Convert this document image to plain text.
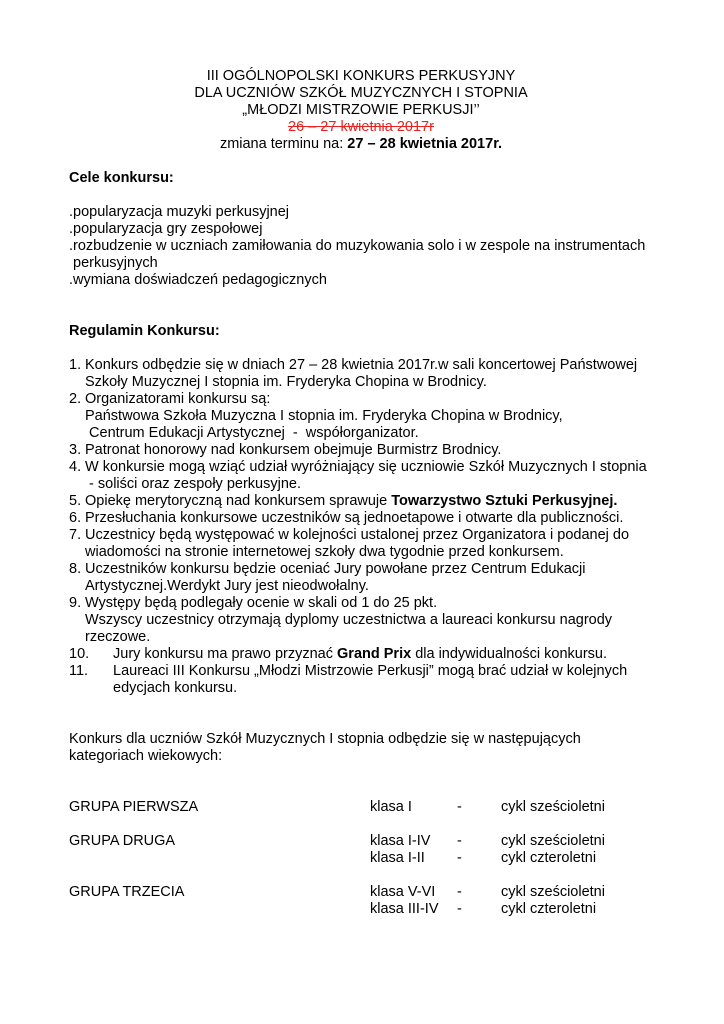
III OGÓLNOPOLSKI KONKURS PERKUSYJNY
DLA UCZNIÓW SZKÓŁ MUZYCZNYCH I STOPNIA
„MŁODZI MISTRZOWIE PERKUSJI’’
26 – 27 kwietnia 2017r
zmiana terminu na: 27 – 28 kwietnia 2017r.
Cele konkursu:
.popularyzacja muzyki perkusyjnej
.popularyzacja gry zespołowej
.rozbudzenie w uczniach zamiłowania do muzykowania solo i w zespole na instrumentach
perkusyjnych
.wymiana doświadczeń pedagogicznych
Regulamin Konkursu:
1. Konkurs odbędzie się w dniach 27 – 28 kwietnia 2017r.w sali koncertowej Państwowej
Szkoły Muzycznej I stopnia im. Fryderyka Chopina w Brodnicy.
2. Organizatorami konkursu są:
Państwowa Szkoła Muzyczna I stopnia im. Fryderyka Chopina w Brodnicy,
Centrum Edukacji Artystycznej  -  współorganizator.
3. Patronat honorowy nad konkursem obejmuje Burmistrz Brodnicy.
4. W konkursie mogą wziąć udział wyróżniający się uczniowie Szkół Muzycznych I stopnia
- soliści oraz zespoły perkusyjne.
5. Opiekę merytoryczną nad konkursem sprawuje Towarzystwo Sztuki Perkusyjnej.
6. Przesłuchania konkursowe uczestników są jednoetapowe i otwarte dla publiczności.
7. Uczestnicy będą występować w kolejności ustalonej przez Organizatora i podanej do
wiadomości na stronie internetowej szkoły dwa tygodnie przed konkursem.
8. Uczestników konkursu będzie oceniać Jury powołane przez Centrum Edukacji
Artystycznej.Werdykt Jury jest nieodwołalny.
9. Występy będą podlegały ocenie w skali od 1 do 25 pkt.
Wszyscy uczestnicy otrzymają dyplomy uczestnictwa a laureaci konkursu nagrody
rzeczowe.
10. Jury konkursu ma prawo przyznać Grand Prix dla indywidualności konkursu.
11. Laureaci III Konkursu „Młodzi Mistrzowie Perkusji” mogą brać udział w kolejnych
edycjach konkursu.
Konkurs dla uczniów Szkół Muzycznych I stopnia odbędzie się w następujących
kategoriach wiekowych:
GRUPA PIERWSZA	klasa I	-	cykl sześcioletni
GRUPA DRUGA	klasa I-IV -	cykl sześcioletni
klasa I-II -	cykl czteroletni
GRUPA TRZECIA	klasa V-VI -	cykl sześcioletni
klasa III-IV -	cykl czteroletni
